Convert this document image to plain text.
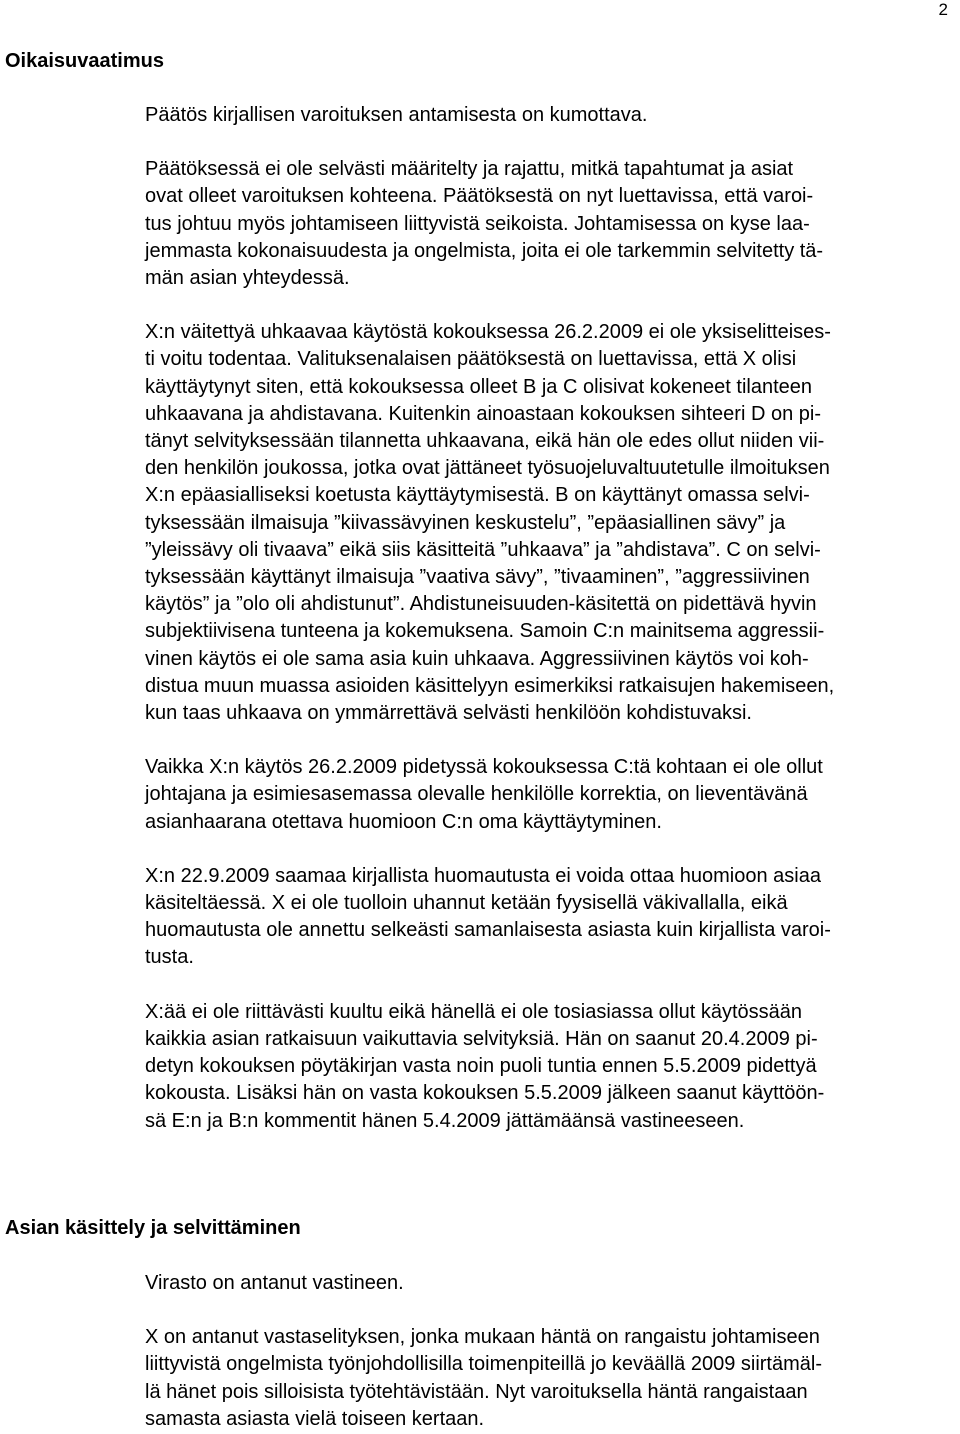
2
Oikaisuvaatimus

Päätös kirjallisen varoituksen antamisesta on kumottava.

Päätöksessä ei ole selvästi määritelty ja rajattu, mitkä tapahtumat ja asiat
ovat olleet varoituksen kohteena. Päätöksestä on nyt luettavissa, että varoi-
tus johtuu myös johtamiseen liittyvistä seikoista. Johtamisessa on kyse laa-
jemmasta kokonaisuudesta ja ongelmista, joita ei ole tarkemmin selvitetty tä-
män asian yhteydessä.

X:n väitettyä uhkaavaa käytöstä kokouksessa 26.2.2009 ei ole yksiselitteises-
ti voitu todentaa. Valituksenalaisen päätöksestä on luettavissa, että X olisi
käyttäytynyt siten, että kokouksessa olleet B ja C olisivat kokeneet tilanteen
uhkaavana ja ahdistavana. Kuitenkin ainoastaan kokouksen sihteeri D on pi-
tänyt selvityksessään tilannetta uhkaavana, eikä hän ole edes ollut niiden vii-
den henkilön joukossa, jotka ovat jättäneet työsuojeluvaltuutetulle ilmoituksen
X:n epäasialliseksi koetusta käyttäytymisestä. B on käyttänyt omassa selvi-
tyksessään ilmaisuja ”kiivassävyinen keskustelu”, ”epäasiallinen sävy” ja
”yleissävy oli tivaava” eikä siis käsitteitä ”uhkaava” ja ”ahdistava”. C on selvi-
tyksessään käyttänyt ilmaisuja ”vaativa sävy”, ”tivaaminen”, ”aggressiivinen
käytös” ja ”olo oli ahdistunut”. Ahdistuneisuuden-käsitettä on pidettävä hyvin
subjektiivisena tunteena ja kokemuksena. Samoin C:n mainitsema aggressii-
vinen käytös ei ole sama asia kuin uhkaava. Aggressiivinen käytös voi koh-
distua muun muassa asioiden käsittelyyn esimerkiksi ratkaisujen hakemiseen,
kun taas uhkaava on ymmärrettävä selvästi henkilöön kohdistuvaksi.

Vaikka X:n käytös 26.2.2009 pidetyssä kokouksessa C:tä kohtaan ei ole ollut
johtajana ja esimiesasemassa olevalle henkilölle korrektia, on lieventävänä
asianhaarana otettava huomioon C:n oma käyttäytyminen.

X:n 22.9.2009 saamaa kirjallista huomautusta ei voida ottaa huomioon asiaa
käsiteltäessä. X ei ole tuolloin uhannut ketään fyysisellä väkivallalla, eikä
huomautusta ole annettu selkeästi samanlaisesta asiasta kuin kirjallista varoi-
tusta.

X:ää ei ole riittävästi kuultu eikä hänellä ei ole tosiasiassa ollut käytössään
kaikkia asian ratkaisuun vaikuttavia selvityksiä. Hän on saanut 20.4.2009 pi-
detyn kokouksen pöytäkirjan vasta noin puoli tuntia ennen 5.5.2009 pidettyä
kokousta. Lisäksi hän on vasta kokouksen 5.5.2009 jälkeen saanut käyttöön-
sä E:n ja B:n kommentit hänen 5.4.2009 jättämäänsä vastineeseen.

Asian käsittely ja selvittäminen

Virasto on antanut vastineen.

X on antanut vastaselityksen, jonka mukaan häntä on rangaistu johtamiseen
liittyvistä ongelmista työnjohdollisilla toimenpiteillä jo keväällä 2009 siirtämäl-
lä hänet pois silloisista työtehtävistään. Nyt varoituksella häntä rangaistaan
samasta asiasta vielä toiseen kertaan.
